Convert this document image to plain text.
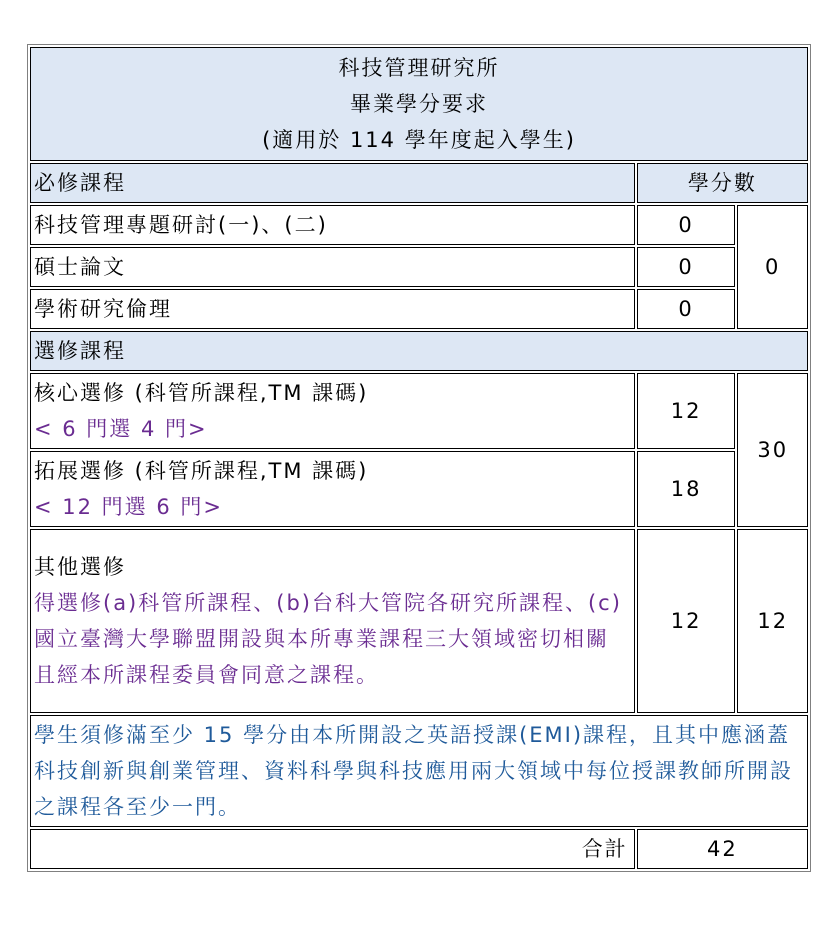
科技管理研究所
畢業學分要求
(適用於 114 學年度起入學生)		

必修課程	學分數	
科技管理專題研討(一)、(二)	0	0
碩士論文	0	
學術研究倫理	0	
選修課程		

核心選修 (科管所課程,TM 課碼)
< 6 門選 4 門>	12	30

拓展選修 (科管所課程,TM 課碼)
< 12 門選 6 門>	18	

其他選修
得選修(a)科管所課程、(b)台科大管院各研究所課程、(c)國立臺灣大學聯盟開設與本所專業課程三大領域密切相關且經本所課程委員會同意之課程。	12	12
學生須修滿至少 15 學分由本所開設之英語授課(EMI)課程，且其中應涵蓋科技創新與創業管理、資料科學與科技應用兩大領域中每位授課教師所開設之課程各至少一門。		
合計	42	
